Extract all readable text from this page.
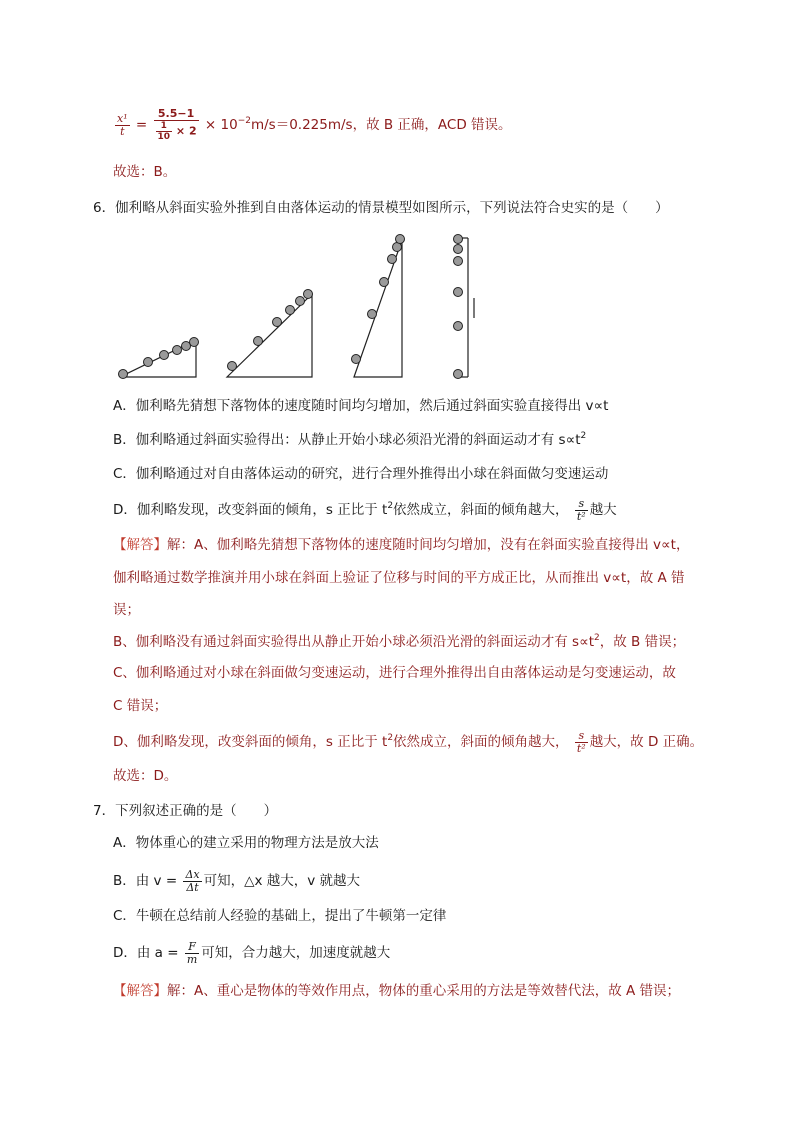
$\frac{\text{x¹}}{t} = \frac{5.5-1}{\frac{1}{10} \times 2} \times 10^{-2}m/s=0.225m/s$，故 B 正确，ACD 错误。
故选：B。
6．伽利略从斜面实验外推到自由落体运动的情景模型如图所示，下列说法符合史实的是（　　）
A．伽利略先猜想下落物体的速度随时间均匀增加，然后通过斜面实验直接得出 v∝t
B．伽利略通过斜面实验得出：从静止开始小球必须沿光滑的斜面运动才有 $s\propto t^2$
C．伽利略通过对自由落体运动的研究，进行合理外推得出小球在斜面做匀变速运动
D．伽利略发现，改变斜面的倾角，s 正比于 $t^2$依然成立，斜面的倾角越大， $\frac{s}{\text{t²}}$ 越大
【解答】解：A、伽利略先猜想下落物体的速度随时间均匀增加，没有在斜面实验直接得出 v∝t，
伽利略通过数学推演并用小球在斜面上验证了位移与时间的平方成正比，从而推出 v∝t，故 A 错
误；
B、伽利略没有通过斜面实验得出从静止开始小球必须沿光滑的斜面运动才有 $s\propto t^2$，故 B 错误；
C、伽利略通过对小球在斜面做匀变速运动，进行合理外推得出自由落体运动是匀变速运动，故
C 错误；
D、伽利略发现，改变斜面的倾角，s 正比于 $t^2$依然成立，斜面的倾角越大， $\frac{s}{\text{t²}}$ 越大，故 D 正确。
故选：D。
7．下列叙述正确的是（　　）
A．物体重心的建立采用的物理方法是放大法
B．由 $v = \frac{\Delta x}{\Delta t}$ 可知，△x 越大，v 就越大
C．牛顿在总结前人经验的基础上，提出了牛顿第一定律
D．由 $a = \frac{F}{m}$ 可知，合力越大，加速度就越大
【解答】解：A、重心是物体的等效作用点，物体的重心采用的方法是等效替代法，故 A 错误；
